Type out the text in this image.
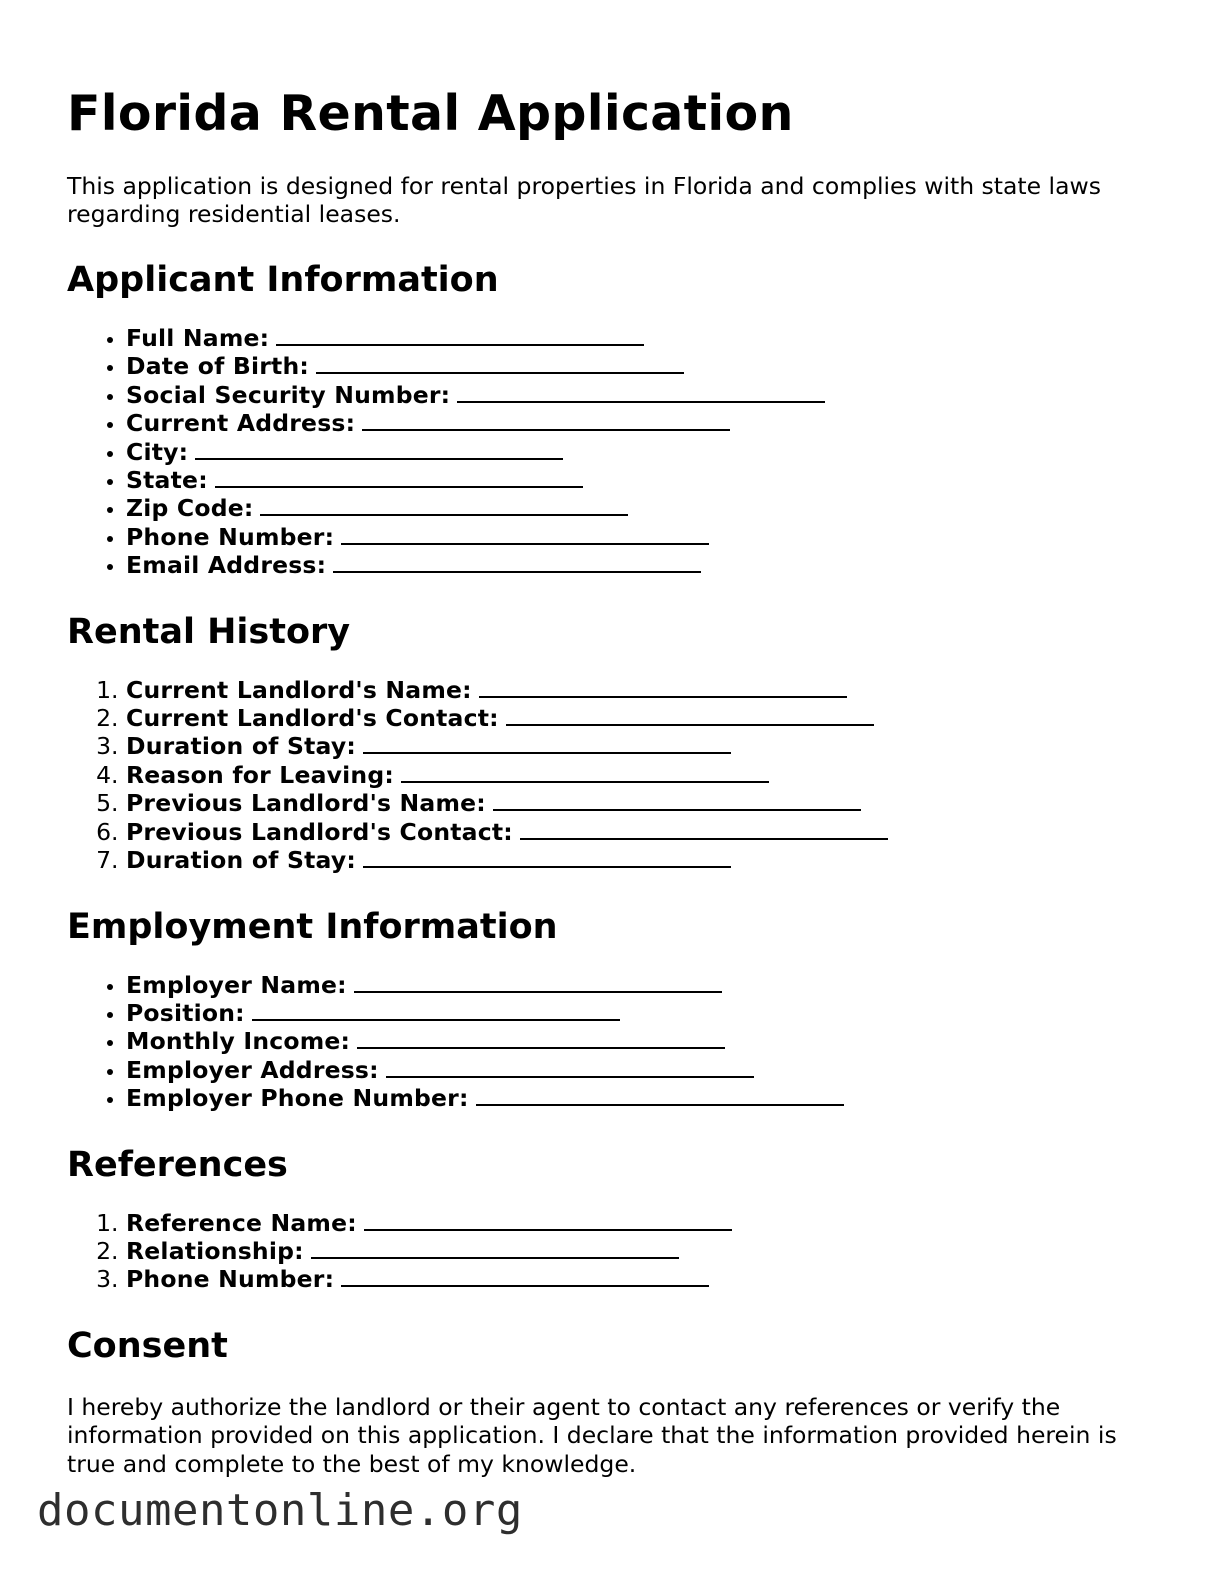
Florida Rental Application

This application is designed for rental properties in Florida and complies with state laws regarding residential leases.

Applicant Information
• Full Name:
• Date of Birth:
• Social Security Number:
• Current Address:
• City:
• State:
• Zip Code:
• Phone Number:
• Email Address:
Rental History
1. Current Landlord's Name:
2. Current Landlord's Contact:
3. Duration of Stay:
4. Reason for Leaving:
5. Previous Landlord's Name:
6. Previous Landlord's Contact:
7. Duration of Stay:
Employment Information
• Employer Name:
• Position:
• Monthly Income:
• Employer Address:
• Employer Phone Number:
References
1. Reference Name:
2. Relationship:
3. Phone Number:
Consent

I hereby authorize the landlord or their agent to contact any references or verify the information provided on this application. I declare that the information provided herein is true and complete to the best of my knowledge.

documentonline.org
